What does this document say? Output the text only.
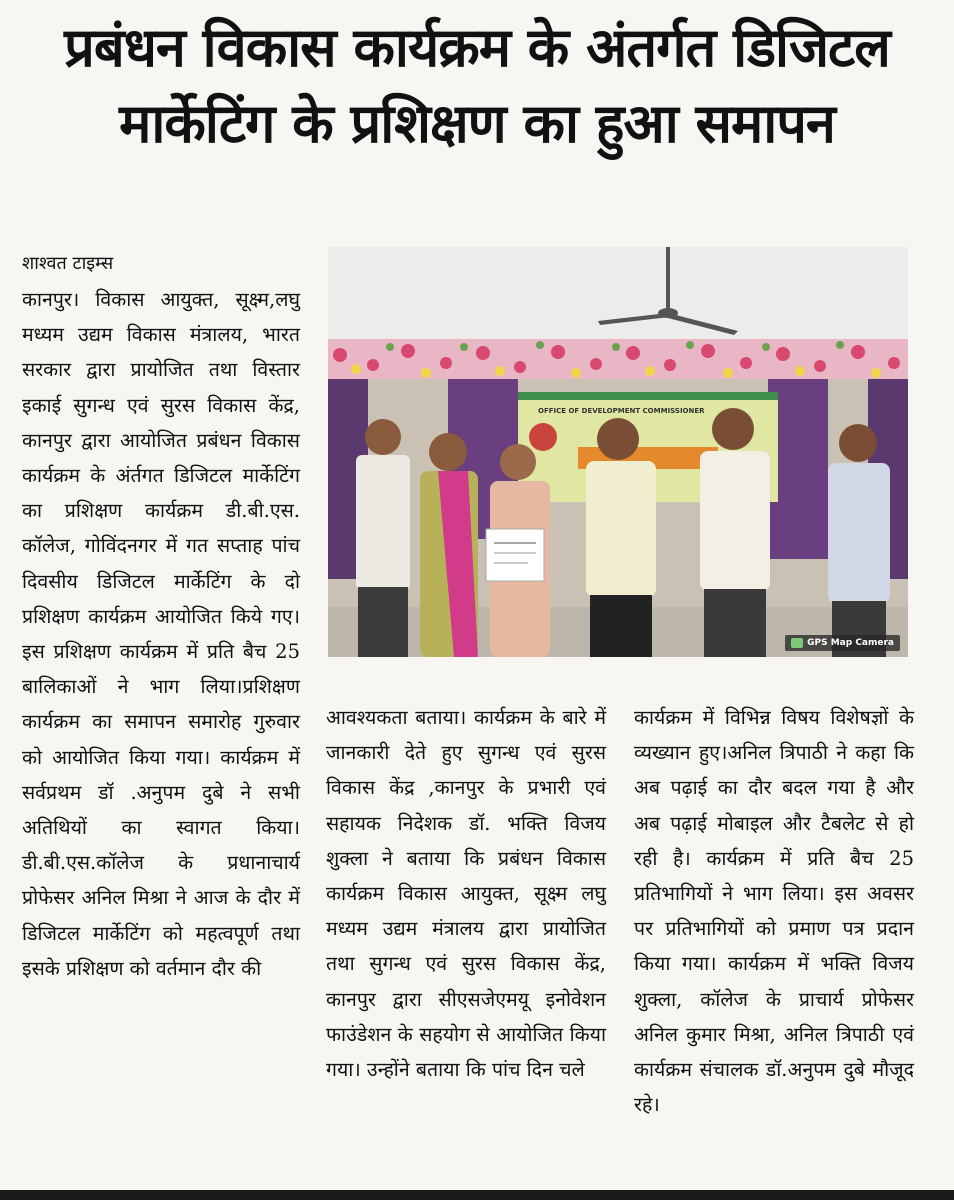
प्रबंधन विकास कार्यक्रम के अंतर्गत डिजिटल
मार्केटिंग के प्रशिक्षण का हुआ समापन
शाश्वत टाइम्स
कानपुर। विकास आयुक्त, सूक्ष्म,लघु मध्यम उद्यम विकास मंत्रालय, भारत सरकार द्वारा प्रायोजित तथा विस्तार इकाई सुगन्ध एवं सुरस विकास केंद्र, कानपुर द्वारा आयोजित प्रबंधन विकास कार्यक्रम के अंर्तगत डिजिटल मार्केटिंग का प्रशिक्षण कार्यक्रम डी.बी.एस. कॉलेज, गोविंदनगर में गत सप्ताह पांच दिवसीय डिजिटल मार्केटिंग के दो प्रशिक्षण कार्यक्रम आयोजित किये गए। इस प्रशिक्षण कार्यक्रम में प्रति बैच 25 बालिकाओं ने भाग लिया।प्रशिक्षण कार्यक्रम का समापन समारोह गुरुवार को आयोजित किया गया। कार्यक्रम में सर्वप्रथम डॉ .अनुपम दुबे ने सभी अतिथियों का स्वागत किया।डी.बी.एस.कॉलेज के प्रधानाचार्य प्रोफेसर अनिल मिश्रा ने आज के दौर में डिजिटल मार्केटिंग को महत्वपूर्ण तथा इसके प्रशिक्षण को वर्तमान दौर की
OFFICE OF DEVELOPMENT COMMISSIONER
GPS Map Camera
आवश्यकता बताया। कार्यक्रम के बारे में जानकारी देते हुए सुगन्ध एवं सुरस विकास केंद्र ,कानपुर के प्रभारी एवं सहायक निदेशक डॉ. भक्ति विजय शुक्ला ने बताया कि प्रबंधन विकास कार्यक्रम विकास आयुक्त, सूक्ष्म लघु मध्यम उद्यम मंत्रालय द्वारा प्रायोजित तथा सुगन्ध एवं सुरस विकास केंद्र, कानपुर द्वारा सीएसजेएमयू इनोवेशन फाउंडेशन के सहयोग से आयोजित किया गया। उन्होंने बताया कि पांच दिन चले
कार्यक्रम में विभिन्न विषय विशेषज्ञों के व्यख्यान हुए।अनिल त्रिपाठी ने कहा कि अब पढ़ाई का दौर बदल गया है और अब पढ़ाई मोबाइल और टैबलेट से हो रही है। कार्यक्रम में प्रति बैच 25 प्रतिभागियों ने भाग लिया। इस अवसर पर प्रतिभागियों को प्रमाण पत्र प्रदान किया गया। कार्यक्रम में भक्ति विजय शुक्ला, कॉलेज के प्राचार्य प्रोफेसर अनिल कुमार मिश्रा, अनिल त्रिपाठी एवं कार्यक्रम संचालक डॉ.अनुपम दुबे मौजूद रहे।
